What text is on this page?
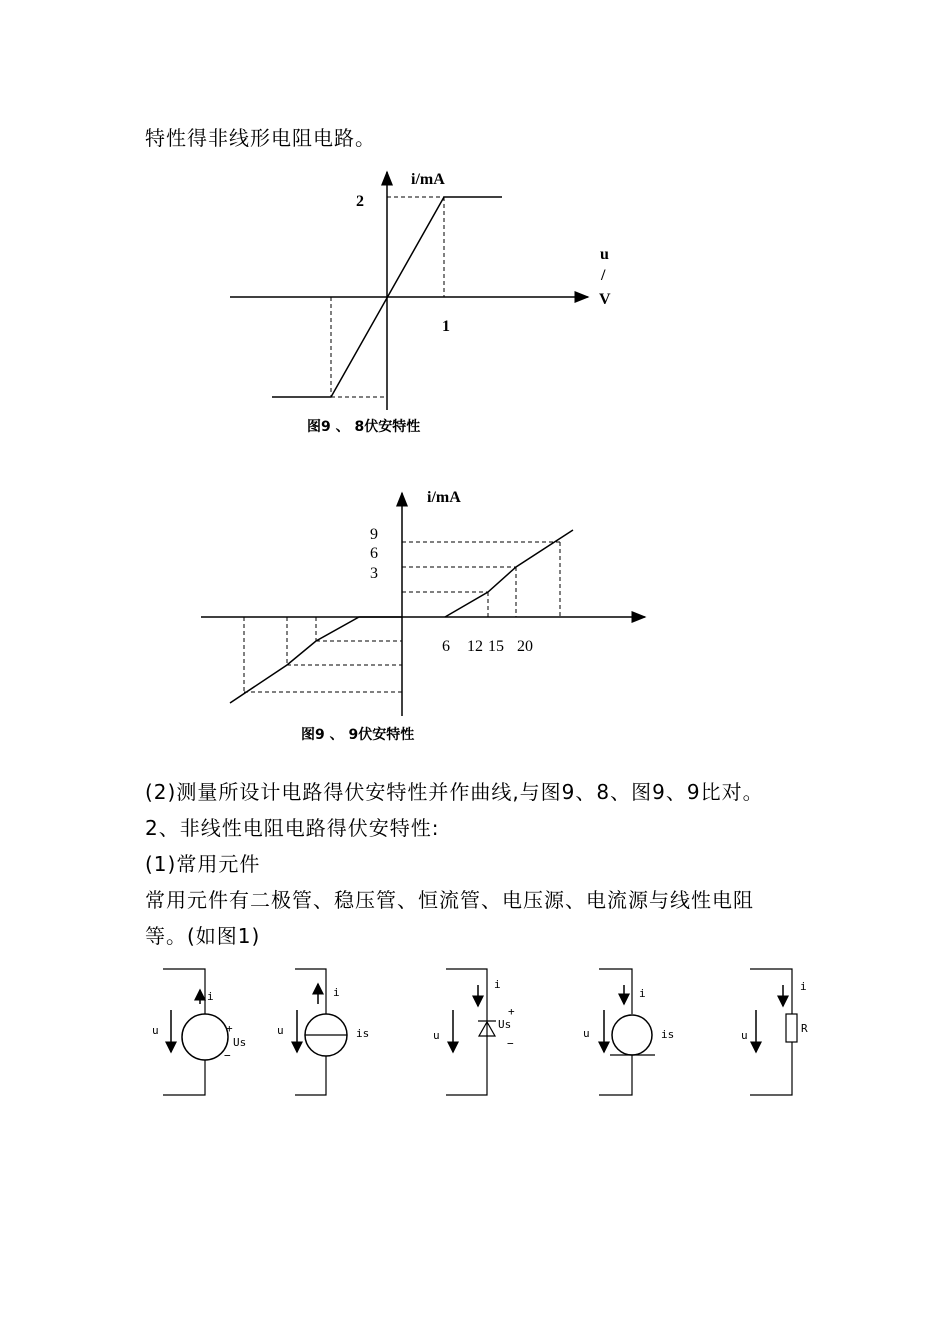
特性得非线形电阻电路。
i/mA
2
1
u
/
V
图9 、 8伏安特性
i/mA
9
6
3
6 12 15 20
图9 、 9伏安特性
(2)测量所设计电路得伏安特性并作曲线,与图9、8、图9、9比对。
2、非线性电阻电路得伏安特性:
(1)常用元件
常用元件有二极管、稳压管、恒流管、电压源、电流源与线性电阻
等。(如图1)
i
u	+
Us
−
i
u	is
i
u
+
Us
−
i
u	is
i
u
R
